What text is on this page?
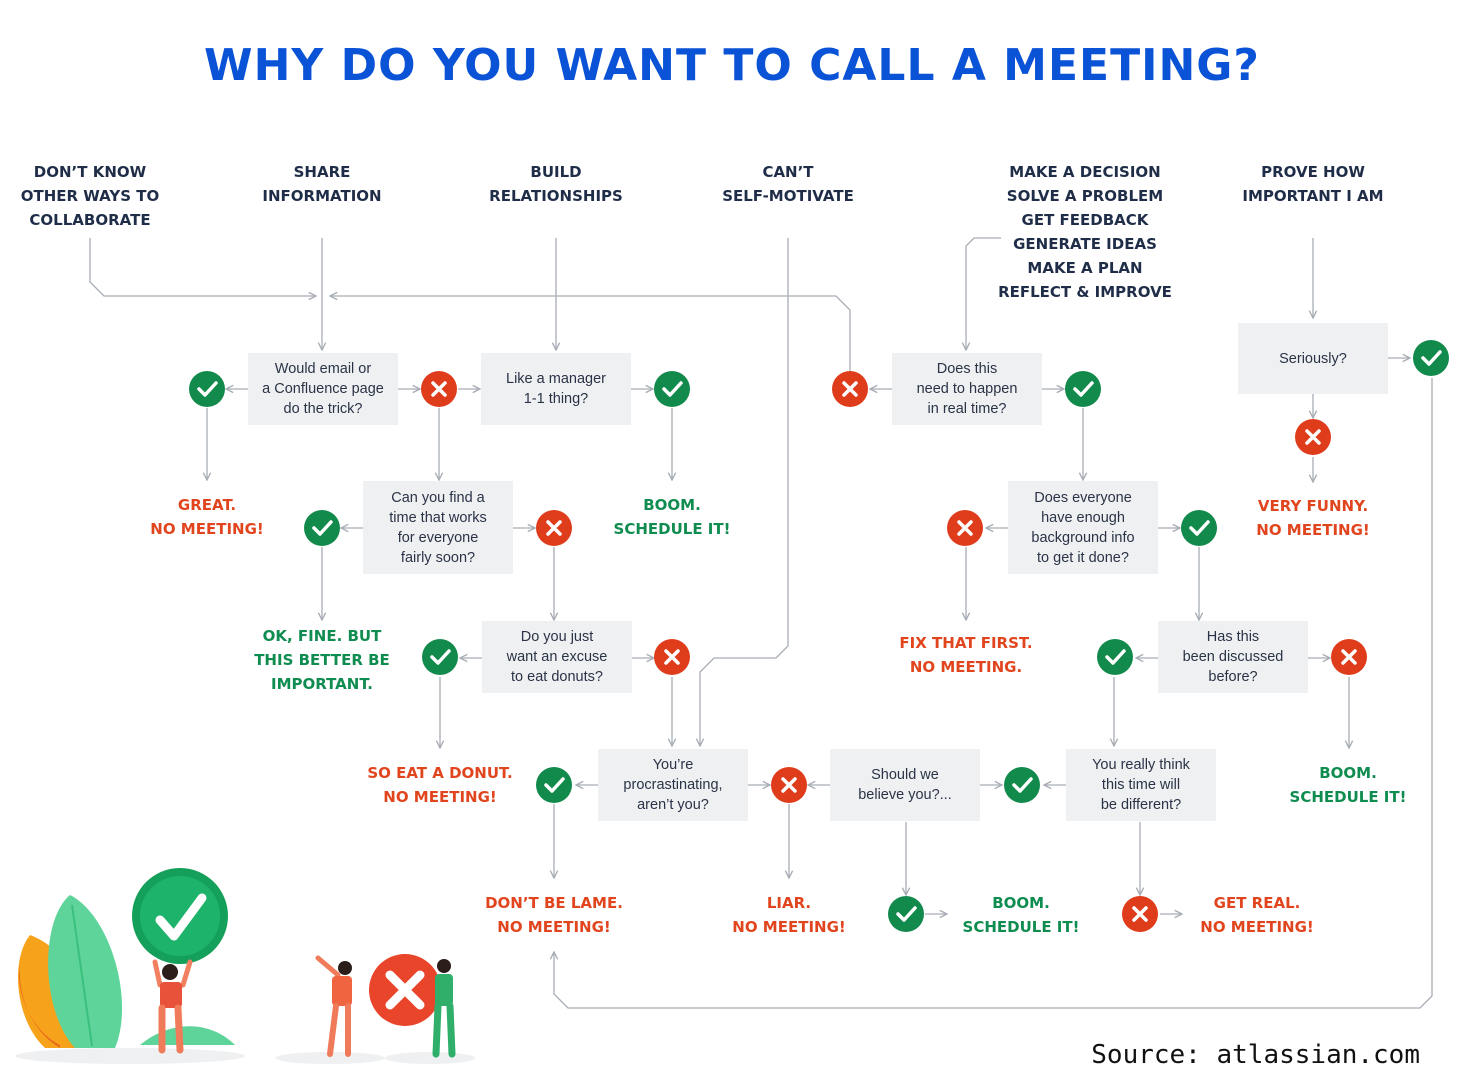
WHY DO YOU WANT TO CALL A MEETING?
DON’T KNOW
OTHER WAYS TO
COLLABORATE
SHARE
INFORMATION
BUILD
RELATIONSHIPS
CAN’T
SELF-MOTIVATE
MAKE A DECISION
SOLVE A PROBLEM
GET FEEDBACK
GENERATE IDEAS
MAKE A PLAN
REFLECT & IMPROVE
PROVE HOW
IMPORTANT I AM
Would email or
a Confluence page
do the trick?
Like a manager
1-1 thing?
Does this
need to happen
in real time?
Seriously?
Can you find a
time that works
for everyone
fairly soon?
Does everyone
have enough
background info
to get it done?
Do you just
want an excuse
to eat donuts?
Has this
been discussed
before?
You’re
procrastinating,
aren’t you?
Should we
believe you?...
You really think
this time will
be different?
GREAT.
NO MEETING!
BOOM.
SCHEDULE IT!
VERY FUNNY.
NO MEETING!
OK, FINE. BUT
THIS BETTER BE
IMPORTANT.
FIX THAT FIRST.
NO MEETING.
SO EAT A DONUT.
NO MEETING!
BOOM.
SCHEDULE IT!
DON’T BE LAME.
NO MEETING!
LIAR.
NO MEETING!
BOOM.
SCHEDULE IT!
GET REAL.
NO MEETING!
Source: atlassian.com
